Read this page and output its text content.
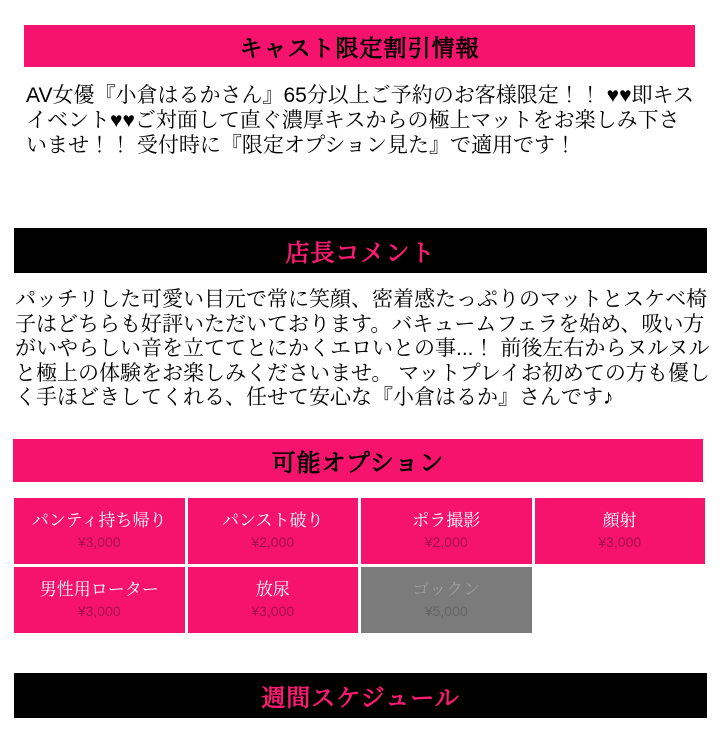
キャスト限定割引情報

AV女優『小倉はるかさん』65分以上ご予約のお客様限定！！ ♥♥即キスイベント♥♥ご対面して直ぐ濃厚キスからの極上マットをお楽しみ下さいませ！！ 受付時に『限定オプション見た』で適用です！

店長コメント

パッチリした可愛い目元で常に笑顔、密着感たっぷりのマットとスケベ椅子はどちらも好評いただいております。バキュームフェラを始め、吸い方がいやらしい音を立ててとにかくエロいとの事...！ 前後左右からヌルヌルと極上の体験をお楽しみくださいませ。 マットプレイお初めての方も優しく手ほどきしてくれる、任せて安心な『小倉はるか』さんです♪

可能オプション
パンティ持ち帰り
¥3,000
パンスト破り
¥2,000
ポラ撮影
¥2,000
顔射
¥3,000
男性用ローター
¥3,000
放尿
¥3,000
ゴックン
¥5,000
週間スケジュール
